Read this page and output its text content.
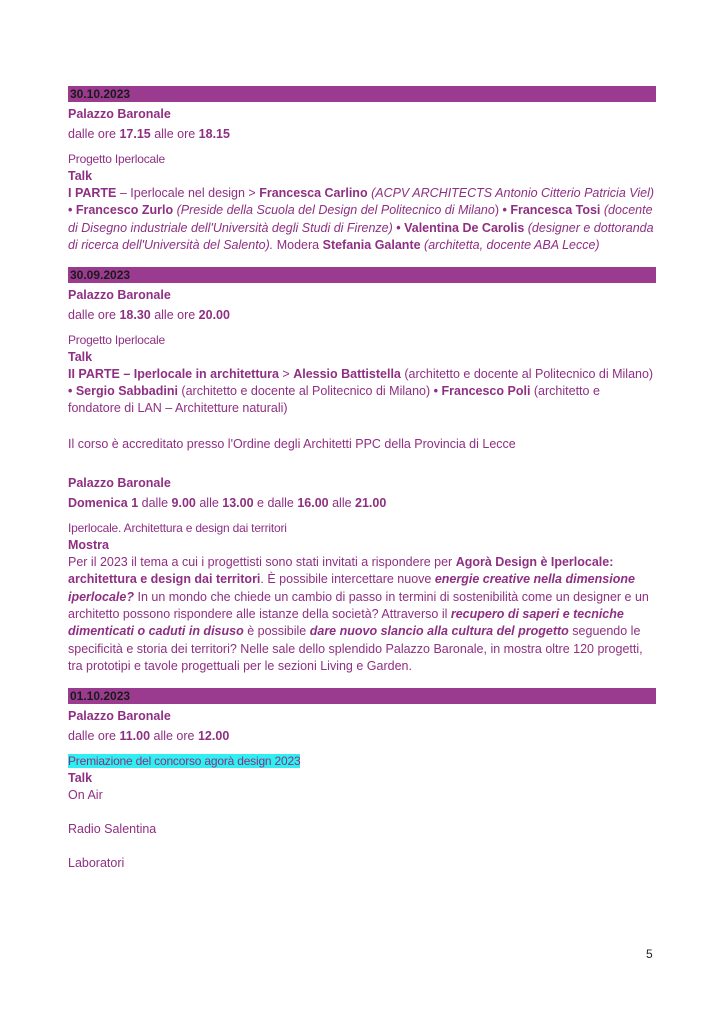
30.10.2023
Palazzo Baronale
dalle ore 17.15 alle ore 18.15
Progetto Iperlocale
Talk
I PARTE – Iperlocale nel design > Francesca Carlino (ACPV ARCHITECTS Antonio Citterio Patricia Viel) • Francesco Zurlo (Preside della Scuola del Design del Politecnico di Milano) • Francesca Tosi (docente di Disegno industriale dell'Università degli Studi di Firenze) • Valentina De Carolis (designer e dottoranda di ricerca dell'Università del Salento). Modera Stefania Galante (architetta, docente ABA Lecce)
30.09.2023
Palazzo Baronale
dalle ore 18.30 alle ore 20.00
Progetto Iperlocale
Talk
II PARTE – Iperlocale in architettura > Alessio Battistella (architetto e docente al Politecnico di Milano) • Sergio Sabbadini (architetto e docente al Politecnico di Milano) • Francesco Poli (architetto e fondatore di LAN – Architetture naturali)
Il corso è accreditato presso l'Ordine degli Architetti PPC della Provincia di Lecce
Palazzo Baronale
Domenica 1 dalle 9.00 alle 13.00 e dalle 16.00 alle 21.00
Iperlocale. Architettura e design dai territori
Mostra
Per il 2023 il tema a cui i progettisti sono stati invitati a rispondere per Agorà Design è Iperlocale: architettura e design dai territori. È possibile intercettare nuove energie creative nella dimensione iperlocale? In un mondo che chiede un cambio di passo in termini di sostenibilità come un designer e un architetto possono rispondere alle istanze della società? Attraverso il recupero di saperi e tecniche dimenticati o caduti in disuso è possibile dare nuovo slancio alla cultura del progetto seguendo le specificità e storia dei territori? Nelle sale dello splendido Palazzo Baronale, in mostra oltre 120 progetti, tra prototipi e tavole progettuali per le sezioni Living e Garden.
01.10.2023
Palazzo Baronale
dalle ore 11.00 alle ore 12.00
Premiazione del concorso agorà design 2023
Talk
On Air
Radio Salentina
Laboratori
5
